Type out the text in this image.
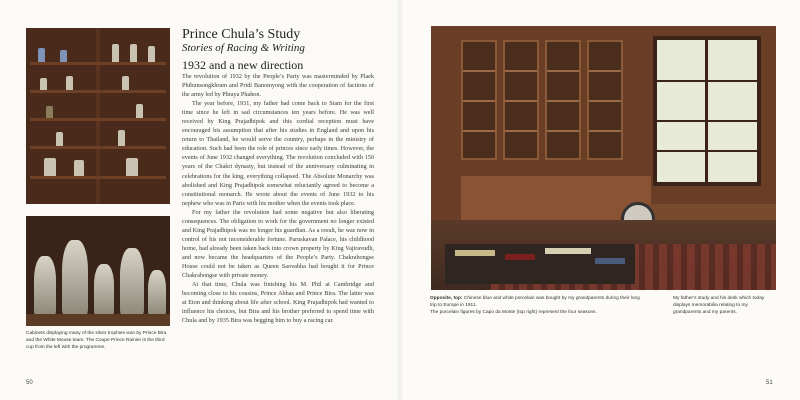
Cabinets displaying many of the silver trophies won by Prince Bira and the White Mouse team. The Coupe Prince Rainier is the third cup from the left with the programme.
Prince Chula’s Study
Stories of Racing & Writing
1932 and a new direction

The revolution of 1932 by the People’s Party was masterminded by Plaek Phibunsongkhram and Pridi Banomyong with the cooperation of factions of the army led by Phraya Phahon.

The year before, 1931, my father had come back to Siam for the first time since he left in sad circumstances ten years before. He was well received by King Prajadhipok and this cordial reception must have encouraged his assumption that after his studies in England and upon his return to Thailand, he would serve the country, perhaps in the ministry of education. Such had been the role of princes since early times. However, the events of June 1932 changed everything. The revolution concluded with 150 years of the Chakri dynasty, but instead of the anniversary culminating in celebrations for the king, everything collapsed. The Absolute Monarchy was abolished and King Prajadhipok somewhat reluctantly agreed to become a constitutional monarch. He wrote about the events of June 1932 to his nephew who was in Paris with his mother when the events took place.

For my father the revolution had some negative but also liberating consequences. The obligation to work for the government no longer existed and King Prajadhipok was no longer his guardian. As a result, he was now in control of his not inconsiderable fortune. Paruskavan Palace, his childhood home, had already been taken back into crown property by King Vajiravudh, and now became the headquarters of the People’s Party. Chakrabongse House could not be taken as Queen Saovabha had bought it for Prince Chakrabongse with private money.

At that time, Chula was finishing his M. Phil at Cambridge and becoming close to his cousins, Prince Abhas and Prince Bira. The latter was at Eton and thinking about life after school. King Prajadhipok had wanted to influence his choices, but Bira and his brother preferred to spend time with Chula and by 1935 Bira was begging him to buy a racing car.

50
Opposite, top: Chinese blue and white porcelain was bought by my grandparents during their long trip to Europe in 1911.
The porcelain figures by Capo da Monte (top right) represent the four seasons.
My father’s study and his desk which today displays memorabilia relating to my grandparents and my parents.
51
